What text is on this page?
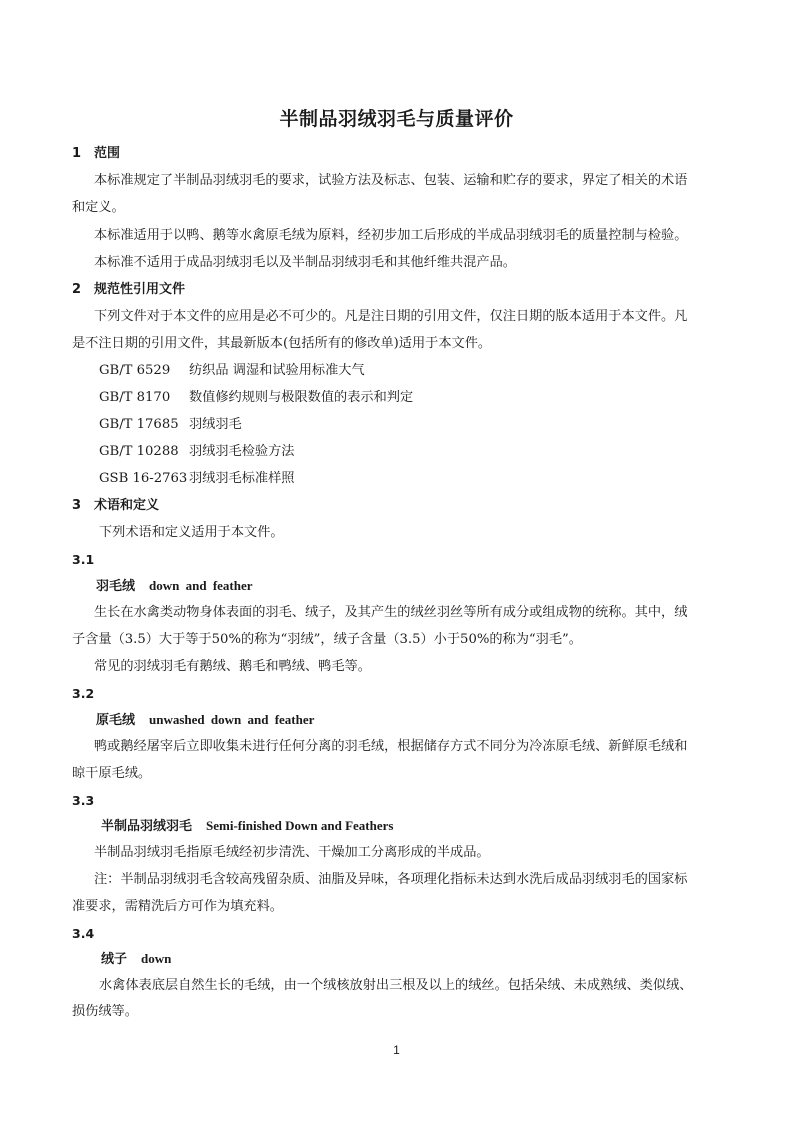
半制品羽绒羽毛与质量评价
1 范围
本标准规定了半制品羽绒羽毛的要求，试验方法及标志、包装、运输和贮存的要求，界定了相关的术语
和定义。
本标准适用于以鸭、鹅等水禽原毛绒为原料，经初步加工后形成的半成品羽绒羽毛的质量控制与检验。
本标准不适用于成品羽绒羽毛以及半制品羽绒羽毛和其他纤维共混产品。
2 规范性引用文件
下列文件对于本文件的应用是必不可少的。凡是注日期的引用文件，仅注日期的版本适用于本文件。凡
是不注日期的引用文件，其最新版本(包括所有的修改单)适用于本文件。
GB/T 6529 纺织品 调湿和试验用标准大气
GB/T 8170 数值修约规则与极限数值的表示和判定
GB/T 17685 羽绒羽毛
GB/T 10288 羽绒羽毛检验方法
GSB 16-2763 羽绒羽毛标准样照
3 术语和定义
下列术语和定义适用于本文件。
3.1
羽毛绒 down and feather
生长在水禽类动物身体表面的羽毛、绒子，及其产生的绒丝羽丝等所有成分或组成物的统称。其中，绒
子含量（3.5）大于等于50%的称为“羽绒”，绒子含量（3.5）小于50%的称为“羽毛”。
常见的羽绒羽毛有鹅绒、鹅毛和鸭绒、鸭毛等。
3.2
原毛绒 unwashed down and feather
鸭或鹅经屠宰后立即收集未进行任何分离的羽毛绒，根据储存方式不同分为冷冻原毛绒、新鲜原毛绒和
晾干原毛绒。
3.3
半制品羽绒羽毛 Semi-finished Down and Feathers
半制品羽绒羽毛指原毛绒经初步清洗、干燥加工分离形成的半成品。
注：半制品羽绒羽毛含较高残留杂质、油脂及异味，各项理化指标未达到水洗后成品羽绒羽毛的国家标
准要求，需精洗后方可作为填充料。
3.4
绒子 down
水禽体表底层自然生长的毛绒，由一个绒核放射出三根及以上的绒丝。包括朵绒、未成熟绒、类似绒、
损伤绒等。
1
